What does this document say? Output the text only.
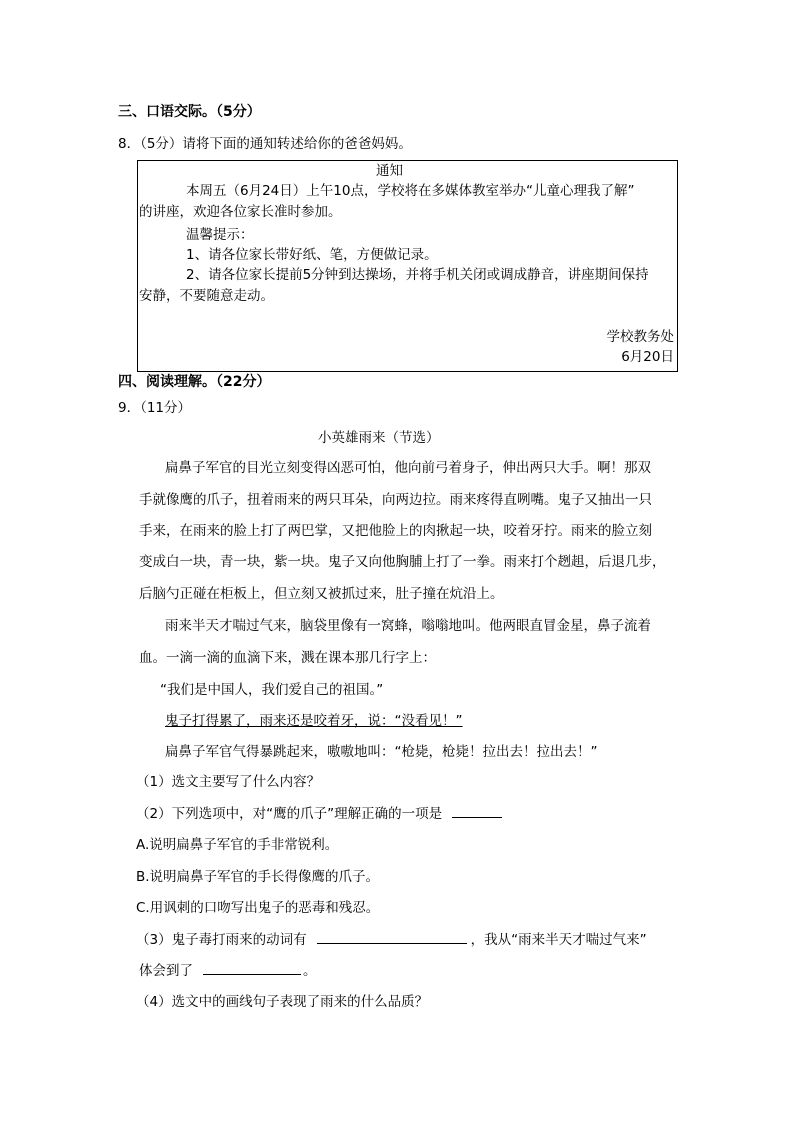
三、口语交际。（5分）
8．（5分）请将下面的通知转述给你的爸爸妈妈。
通知
本周五（6月24日）上午10点，学校将在多媒体教室举办“儿童心理我了解”
的讲座，欢迎各位家长准时参加。
温馨提示：
1、请各位家长带好纸、笔，方便做记录。
2、请各位家长提前5分钟到达操场，并将手机关闭或调成静音，讲座期间保持
安静，不要随意走动。
学校教务处
6月20日
四、阅读理解。（22分）
9．（11分）
小英雄雨来（节选）
扁鼻子军官的目光立刻变得凶恶可怕，他向前弓着身子，伸出两只大手。啊！那双
手就像鹰的爪子，扭着雨来的两只耳朵，向两边拉。雨来疼得直咧嘴。鬼子又抽出一只
手来，在雨来的脸上打了两巴掌，又把他脸上的肉揪起一块，咬着牙拧。雨来的脸立刻
变成白一块，青一块，紫一块。鬼子又向他胸脯上打了一拳。雨来打个趔趄，后退几步，
后脑勺正碰在柜板上，但立刻又被抓过来，肚子撞在炕沿上。
雨来半天才喘过气来，脑袋里像有一窝蜂，嗡嗡地叫。他两眼直冒金星，鼻子流着
血。一滴一滴的血滴下来，溅在课本那几行字上：
“我们是中国人，我们爱自己的祖国。”
鬼子打得累了，雨来还是咬着牙，说：“没看见！”
扁鼻子军官气得暴跳起来，嗷嗷地叫：“枪毙，枪毙！拉出去！拉出去！”
（1）选文主要写了什么内容？
（2）下列选项中，对“鹰的爪子”理解正确的一项是
A.说明扁鼻子军官的手非常锐利。
B.说明扁鼻子军官的手长得像鹰的爪子。
C.用讽刺的口吻写出鬼子的恶毒和残忍。
（3）鬼子毒打雨来的动词有	，我从“雨来半天才喘过气来”
体会到了	。
（4）选文中的画线句子表现了雨来的什么品质？
